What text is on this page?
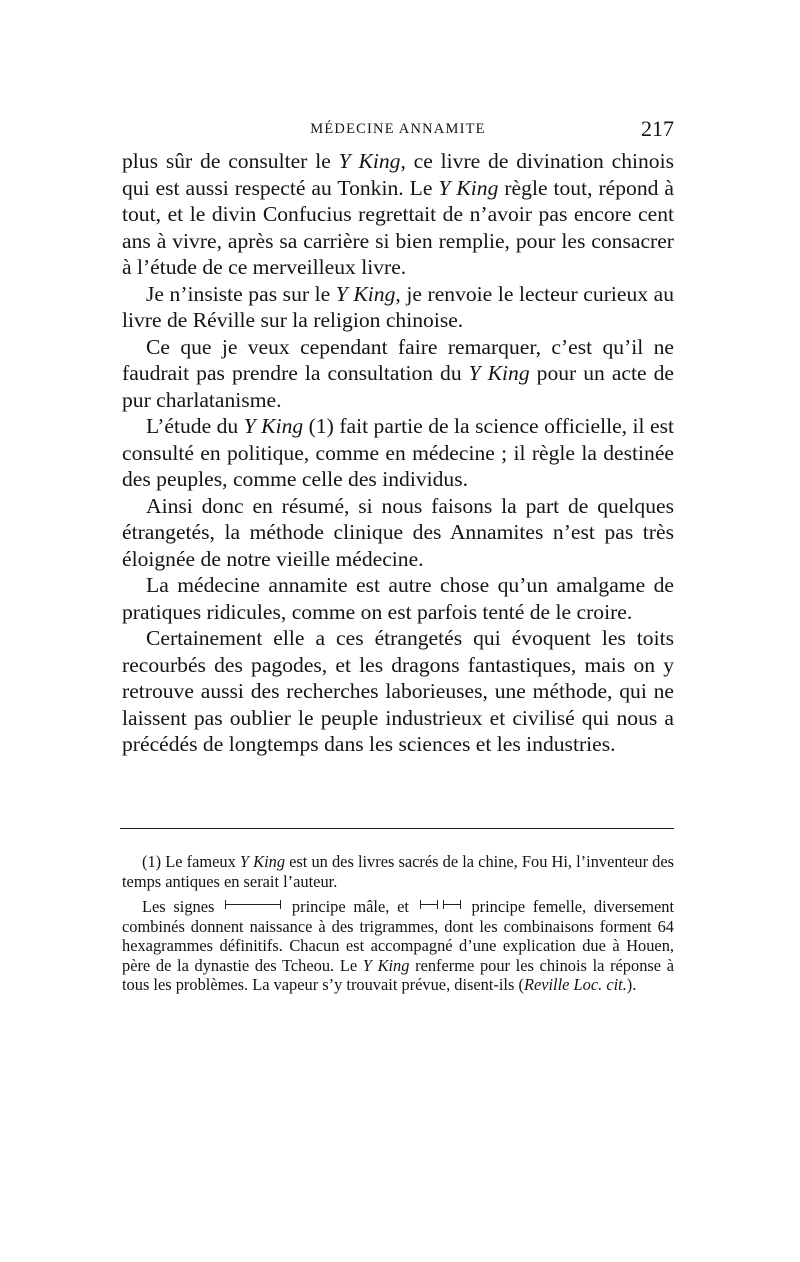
MÉDECINE ANNAMITE	217

plus sûr de consulter le Y King, ce livre de divination chinois qui est aussi respecté au Tonkin. Le Y King règle tout, répond à tout, et le divin Confucius regrettait de n’avoir pas encore cent ans à vivre, après sa carrière si bien remplie, pour les consacrer à l’étude de ce merveilleux livre.

Je n’insiste pas sur le Y King, je renvoie le lecteur curieux au livre de Réville sur la religion chinoise.

Ce que je veux cependant faire remarquer, c’est qu’il ne faudrait pas prendre la consultation du Y King pour un acte de pur charlatanisme.

L’étude du Y King (1) fait partie de la science officielle, il est consulté en politique, comme en médecine ; il règle la destinée des peuples, comme celle des individus.

Ainsi donc en résumé, si nous faisons la part de quelques étrangetés, la méthode clinique des Annamites n’est pas très éloignée de notre vieille médecine.

La médecine annamite est autre chose qu’un amalgame de pratiques ridicules, comme on est parfois tenté de le croire.

Certainement elle a ces étrangetés qui évoquent les toits recourbés des pagodes, et les dragons fantastiques, mais on y retrouve aussi des recherches laborieuses, une méthode, qui ne laissent pas oublier le peuple industrieux et civilisé qui nous a précédés de longtemps dans les sciences et les industries.

(1) Le fameux Y King est un des livres sacrés de la chine, Fou Hi, l’inventeur des temps antiques en serait l’auteur.

Les signes	principe mâle, et	principe femelle, diversement combinés donnent naissance à des trigrammes, dont les combinaisons forment 64 hexagrammes définitifs. Chacun est accompagné d’une explication due à Houen, père de la dynastie des Tcheou. Le Y King renferme pour les chinois la réponse à tous les problèmes. La vapeur s’y trouvait prévue, disent-ils (Reville Loc. cit.).
